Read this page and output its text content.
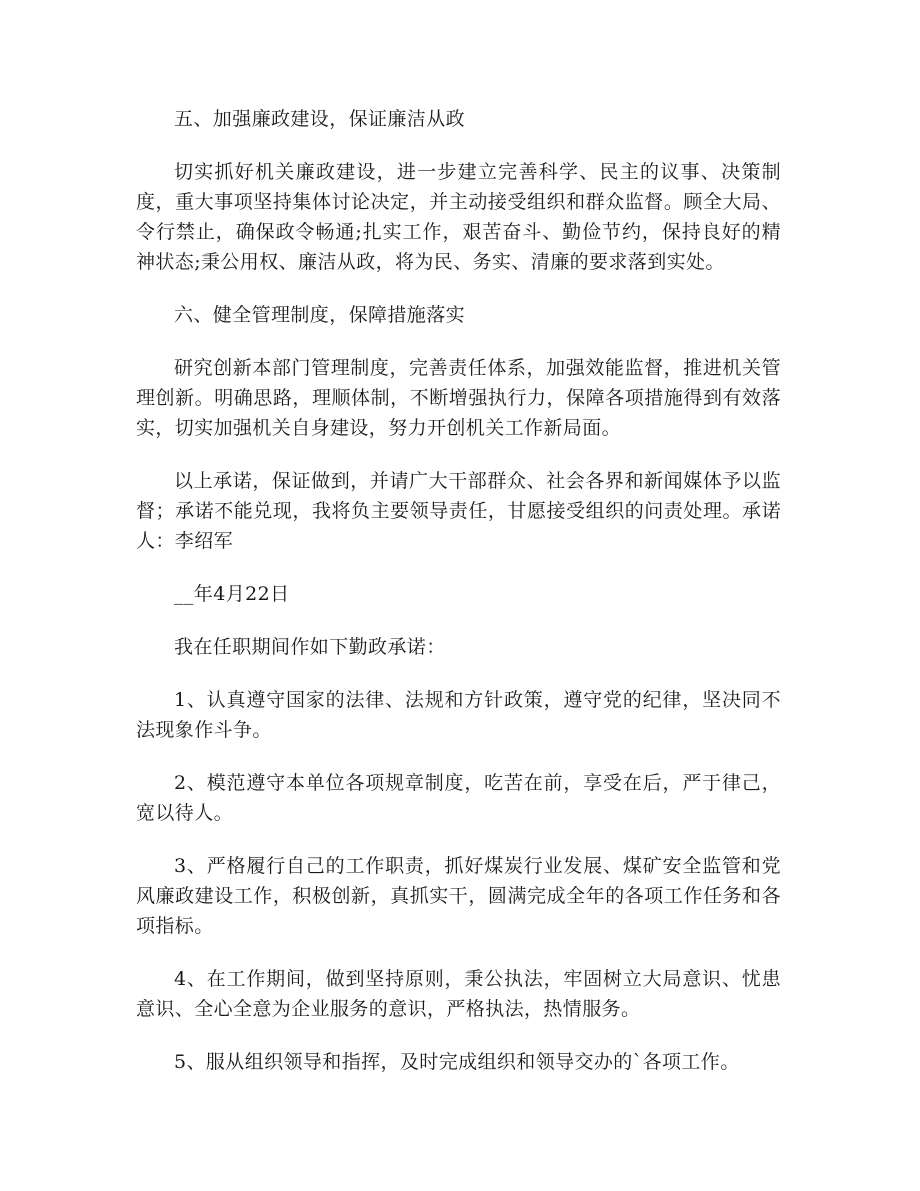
五、加强廉政建设，保证廉洁从政

切实抓好机关廉政建设，进一步建立完善科学、民主的议事、决策制度，重大事项坚持集体讨论决定，并主动接受组织和群众监督。顾全大局、令行禁止，确保政令畅通;扎实工作，艰苦奋斗、勤俭节约，保持良好的精神状态;秉公用权、廉洁从政，将为民、务实、清廉的要求落到实处。

六、健全管理制度，保障措施落实

研究创新本部门管理制度，完善责任体系，加强效能监督，推进机关管理创新。明确思路，理顺体制，不断增强执行力，保障各项措施得到有效落实，切实加强机关自身建设，努力开创机关工作新局面。

以上承诺，保证做到，并请广大干部群众、社会各界和新闻媒体予以监督；承诺不能兑现，我将负主要领导责任，甘愿接受组织的问责处理。承诺人：李绍军

__年4月22日

我在任职期间作如下勤政承诺：

1、认真遵守国家的法律、法规和方针政策，遵守党的纪律，坚决同不法现象作斗争。

2、模范遵守本单位各项规章制度，吃苦在前，享受在后，严于律己，宽以待人。

3、严格履行自己的工作职责，抓好煤炭行业发展、煤矿安全监管和党风廉政建设工作，积极创新，真抓实干，圆满完成全年的各项工作任务和各项指标。

4、在工作期间，做到坚持原则，秉公执法，牢固树立大局意识、忧患意识、全心全意为企业服务的意识，严格执法，热情服务。

5、服从组织领导和指挥，及时完成组织和领导交办的`各项工作。
